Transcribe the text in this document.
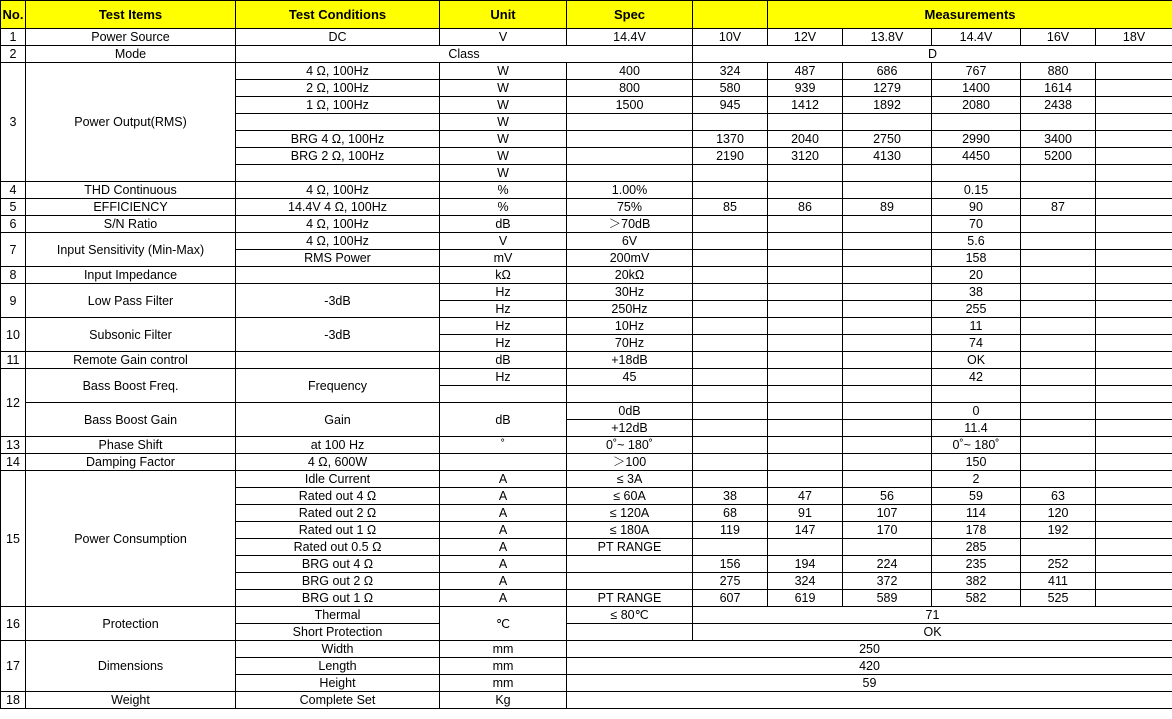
No.	Test Items	Test Conditions	Unit	Spec		Measurements				
1	Power Source	DC	V	14.4V	10V	12V	13.8V	14.4V	16V	18V
2	Mode	Class			D					
3	Power Output(RMS)	4 Ω, 100Hz	W	400	324	487	686	767	880	
		2 Ω, 100Hz	W	800	580	939	1279	1400	1614	
		1 Ω, 100Hz	W	1500	945	1412	1892	2080	2438	
			W							
		BRG 4 Ω, 100Hz	W		1370	2040	2750	2990	3400	
		BRG 2 Ω, 100Hz	W		2190	3120	4130	4450	5200	
			W							
4	THD Continuous	4 Ω, 100Hz	%	1.00%				0.15		
5	EFFICIENCY	14.4V 4 Ω, 100Hz	%	75%	85	86	89	90	87	
6	S/N Ratio	4 Ω, 100Hz	dB	＞70dB				70		
7	Input Sensitivity (Min-Max)	4 Ω, 100Hz	V	6V				5.6		
		RMS Power	mV	200mV				158		
8	Input Impedance		kΩ	20kΩ				20		
9	Low Pass Filter	-3dB	Hz	30Hz				38		
			Hz	250Hz				255		
10	Subsonic Filter	-3dB	Hz	10Hz				11		
			Hz	70Hz				74		
11	Remote Gain control		dB	+18dB				OK		
12	Bass Boost Freq.	Frequency	Hz	45				42		

	Bass Boost Gain	Gain	dB	0dB				0		
				+12dB				11.4		
13	Phase Shift	at 100 Hz	˚	0˚~ 180˚				0˚~ 180˚		
14	Damping Factor	4 Ω, 600W		＞100				150		
15	Power Consumption	Idle Current	A	≤ 3A				2		
		Rated out 4 Ω	A	≤ 60A	38	47	56	59	63	
		Rated out 2 Ω	A	≤ 120A	68	91	107	114	120	
		Rated out 1 Ω	A	≤ 180A	119	147	170	178	192	
		Rated out 0.5 Ω	A	PT RANGE				285		
		BRG out 4 Ω	A		156	194	224	235	252	
		BRG out 2 Ω	A		275	324	372	382	411	
		BRG out 1 Ω	A	PT RANGE	607	619	589	582	525	
16	Protection	Thermal	℃	≤ 80℃	71					
		Short Protection			OK					
17	Dimensions	Width	mm	250						
		Length	mm	420						
		Height	mm	59						
18	Weight	Complete Set	Kg							
